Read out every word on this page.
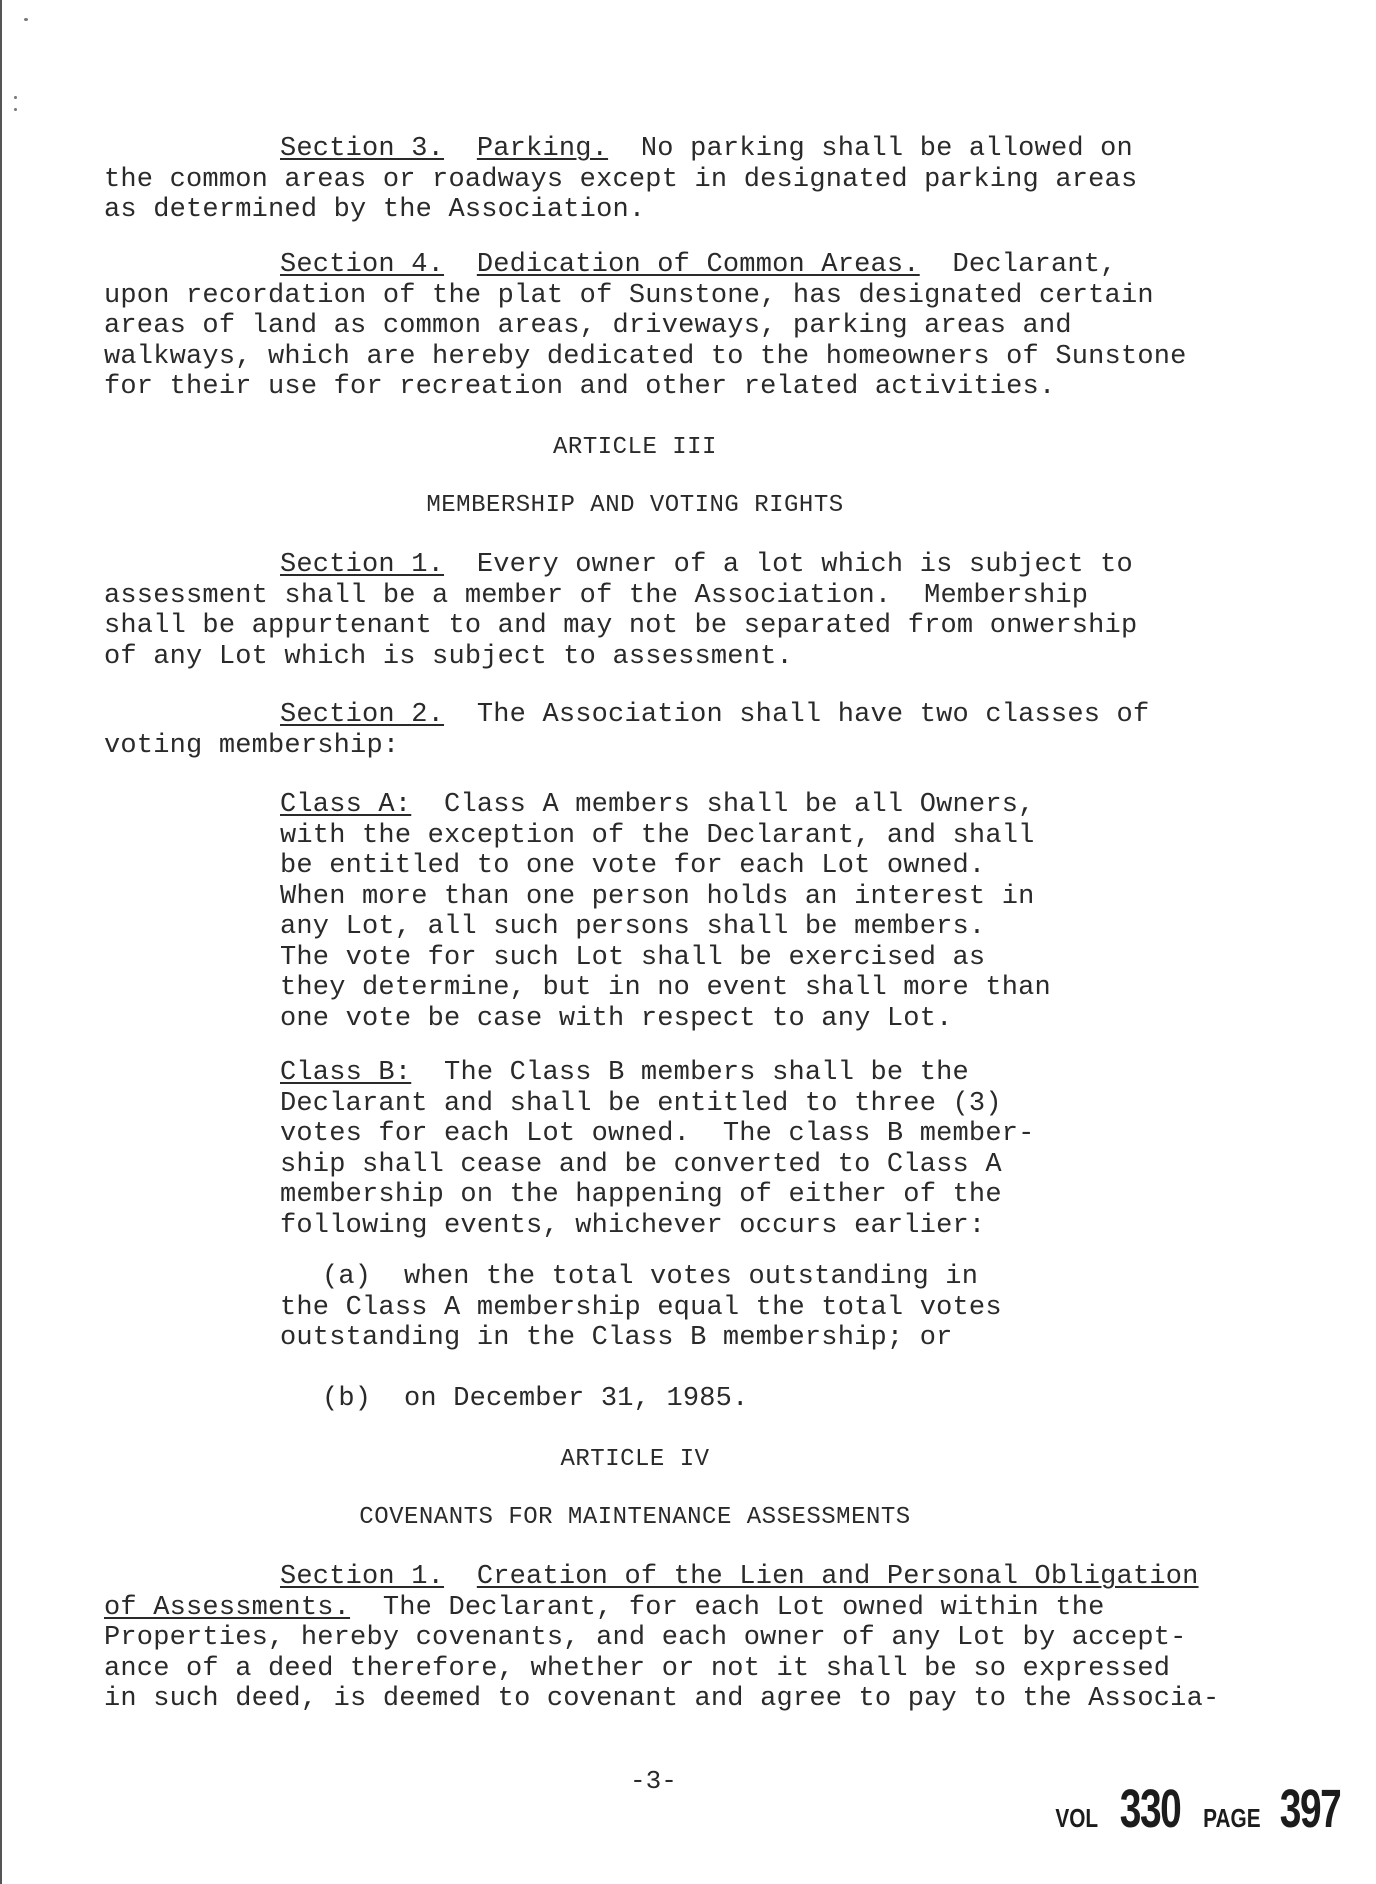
Section 3. Parking.  No parking shall be allowed on
the common areas or roadways except in designated parking areas
as determined by the Association.
Section 4. Dedication of Common Areas.  Declarant,
upon recordation of the plat of Sunstone, has designated certain
areas of land as common areas, driveways, parking areas and
walkways, which are hereby dedicated to the homeowners of Sunstone
for their use for recreation and other related activities.
ARTICLE III
MEMBERSHIP AND VOTING RIGHTS
Section 1.  Every owner of a lot which is subject to
assessment shall be a member of the Association.  Membership
shall be appurtenant to and may not be separated from onwership
of any Lot which is subject to assessment.
Section 2.  The Association shall have two classes of
voting membership:
Class A:  Class A members shall be all Owners,
with the exception of the Declarant, and shall
be entitled to one vote for each Lot owned.
When more than one person holds an interest in
any Lot, all such persons shall be members.
The vote for such Lot shall be exercised as
they determine, but in no event shall more than
one vote be case with respect to any Lot.
Class B:  The Class B members shall be the
Declarant and shall be entitled to three (3)
votes for each Lot owned.  The class B member-
ship shall cease and be converted to Class A
membership on the happening of either of the
following events, whichever occurs earlier:
(a)  when the total votes outstanding in
the Class A membership equal the total votes
outstanding in the Class B membership; or
(b)  on December 31, 1985.
ARTICLE IV
COVENANTS FOR MAINTENANCE ASSESSMENTS
Section 1. Creation of the Lien and Personal Obligation
of Assessments.  The Declarant, for each Lot owned within the
Properties, hereby covenants, and each owner of any Lot by accept-
ance of a deed therefore, whether or not it shall be so expressed
in such deed, is deemed to covenant and agree to pay to the Associa-
-3-
VOL 330 PAGE 397
